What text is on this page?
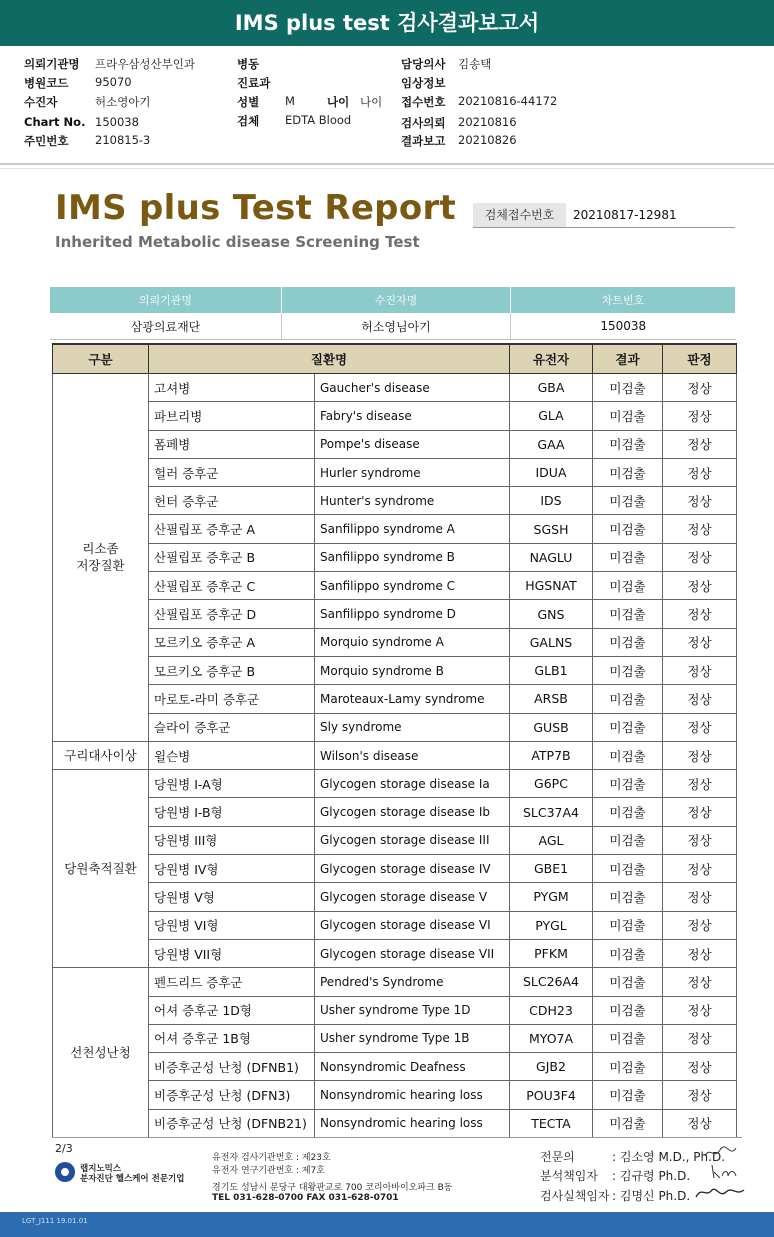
IMS plus test 검사결과보고서
의뢰기관명 프라우삼성산부인과
병원코드 95070
수진자	허소영아기
Chart No. 150038
주민번호 210815-3
병동
진료과
성별 M
검체 EDTA Blood
나이 나이
담당의사 김송택
임상정보
접수번호 20210816-44172
검사의뢰 20210816
결과보고 20210826
IMS plus Test Report
Inherited Metabolic disease Screening Test
검체접수번호	20210817-12981
의뢰기관명	수진자명	차트번호
삼광의료재단	허소영님아기	150038
구분	질환명		유전자	결과	판정

리소좀
저장질환	고셔병	Gaucher's disease	GBA	미검출	정상
	파브리병	Fabry's disease	GLA	미검출	정상
	폼페병	Pompe's disease	GAA	미검출	정상
	헐러 증후군	Hurler syndrome	IDUA	미검출	정상
	헌터 증후군	Hunter's syndrome	IDS	미검출	정상
	산필립포 증후군 A	Sanfilippo syndrome A	SGSH	미검출	정상
	산필립포 증후군 B	Sanfilippo syndrome B	NAGLU	미검출	정상
	산필립포 증후군 C	Sanfilippo syndrome C	HGSNAT	미검출	정상
	산필립포 증후군 D	Sanfilippo syndrome D	GNS	미검출	정상
	모르키오 증후군 A	Morquio syndrome A	GALNS	미검출	정상
	모르키오 증후군 B	Morquio syndrome B	GLB1	미검출	정상
	마로토-라미 증후군	Maroteaux-Lamy syndrome	ARSB	미검출	정상
	슬라이 증후군	Sly syndrome	GUSB	미검출	정상

구리대사이상	윌슨병	Wilson's disease	ATP7B	미검출	정상

당원축적질환	당원병 I-A형	Glycogen storage disease Ia	G6PC	미검출	정상
	당원병 I-B형	Glycogen storage disease Ib	SLC37A4	미검출	정상
	당원병 III형	Glycogen storage disease III	AGL	미검출	정상
	당원병 IV형	Glycogen storage disease IV	GBE1	미검출	정상
	당원병 V형	Glycogen storage disease V	PYGM	미검출	정상
	당원병 VI형	Glycogen storage disease VI	PYGL	미검출	정상
	당원병 VII형	Glycogen storage disease VII	PFKM	미검출	정상

선천성난청	펜드리드 증후군	Pendred's Syndrome	SLC26A4	미검출	정상
	어셔 증후군 1D형	Usher syndrome Type 1D	CDH23	미검출	정상
	어셔 증후군 1B형	Usher syndrome Type 1B	MYO7A	미검출	정상
	비증후군성 난청 (DFNB1)	Nonsyndromic Deafness	GJB2	미검출	정상
	비증후군성 난청 (DFN3)	Nonsyndromic hearing loss	POU3F4	미검출	정상
	비증후군성 난청 (DFNB21)	Nonsyndromic hearing loss	TECTA	미검출	정상
2/3
랩지노믹스
분자진단 헬스케어 전문기업
유전자 검사기관번호 : 제23호
유전자 연구기관번호 : 제7호
경기도 성남시 분당구 대왕판교로 700 코리아바이오파크 B동
TEL 031-628-0700 FAX 031-628-0701
전문의	: 김소영 M.D., Ph.D.
분석책임자 : 김규령 Ph.D.
검사실책임자 : 김명신 Ph.D.
LGT_J111 19.01.01
